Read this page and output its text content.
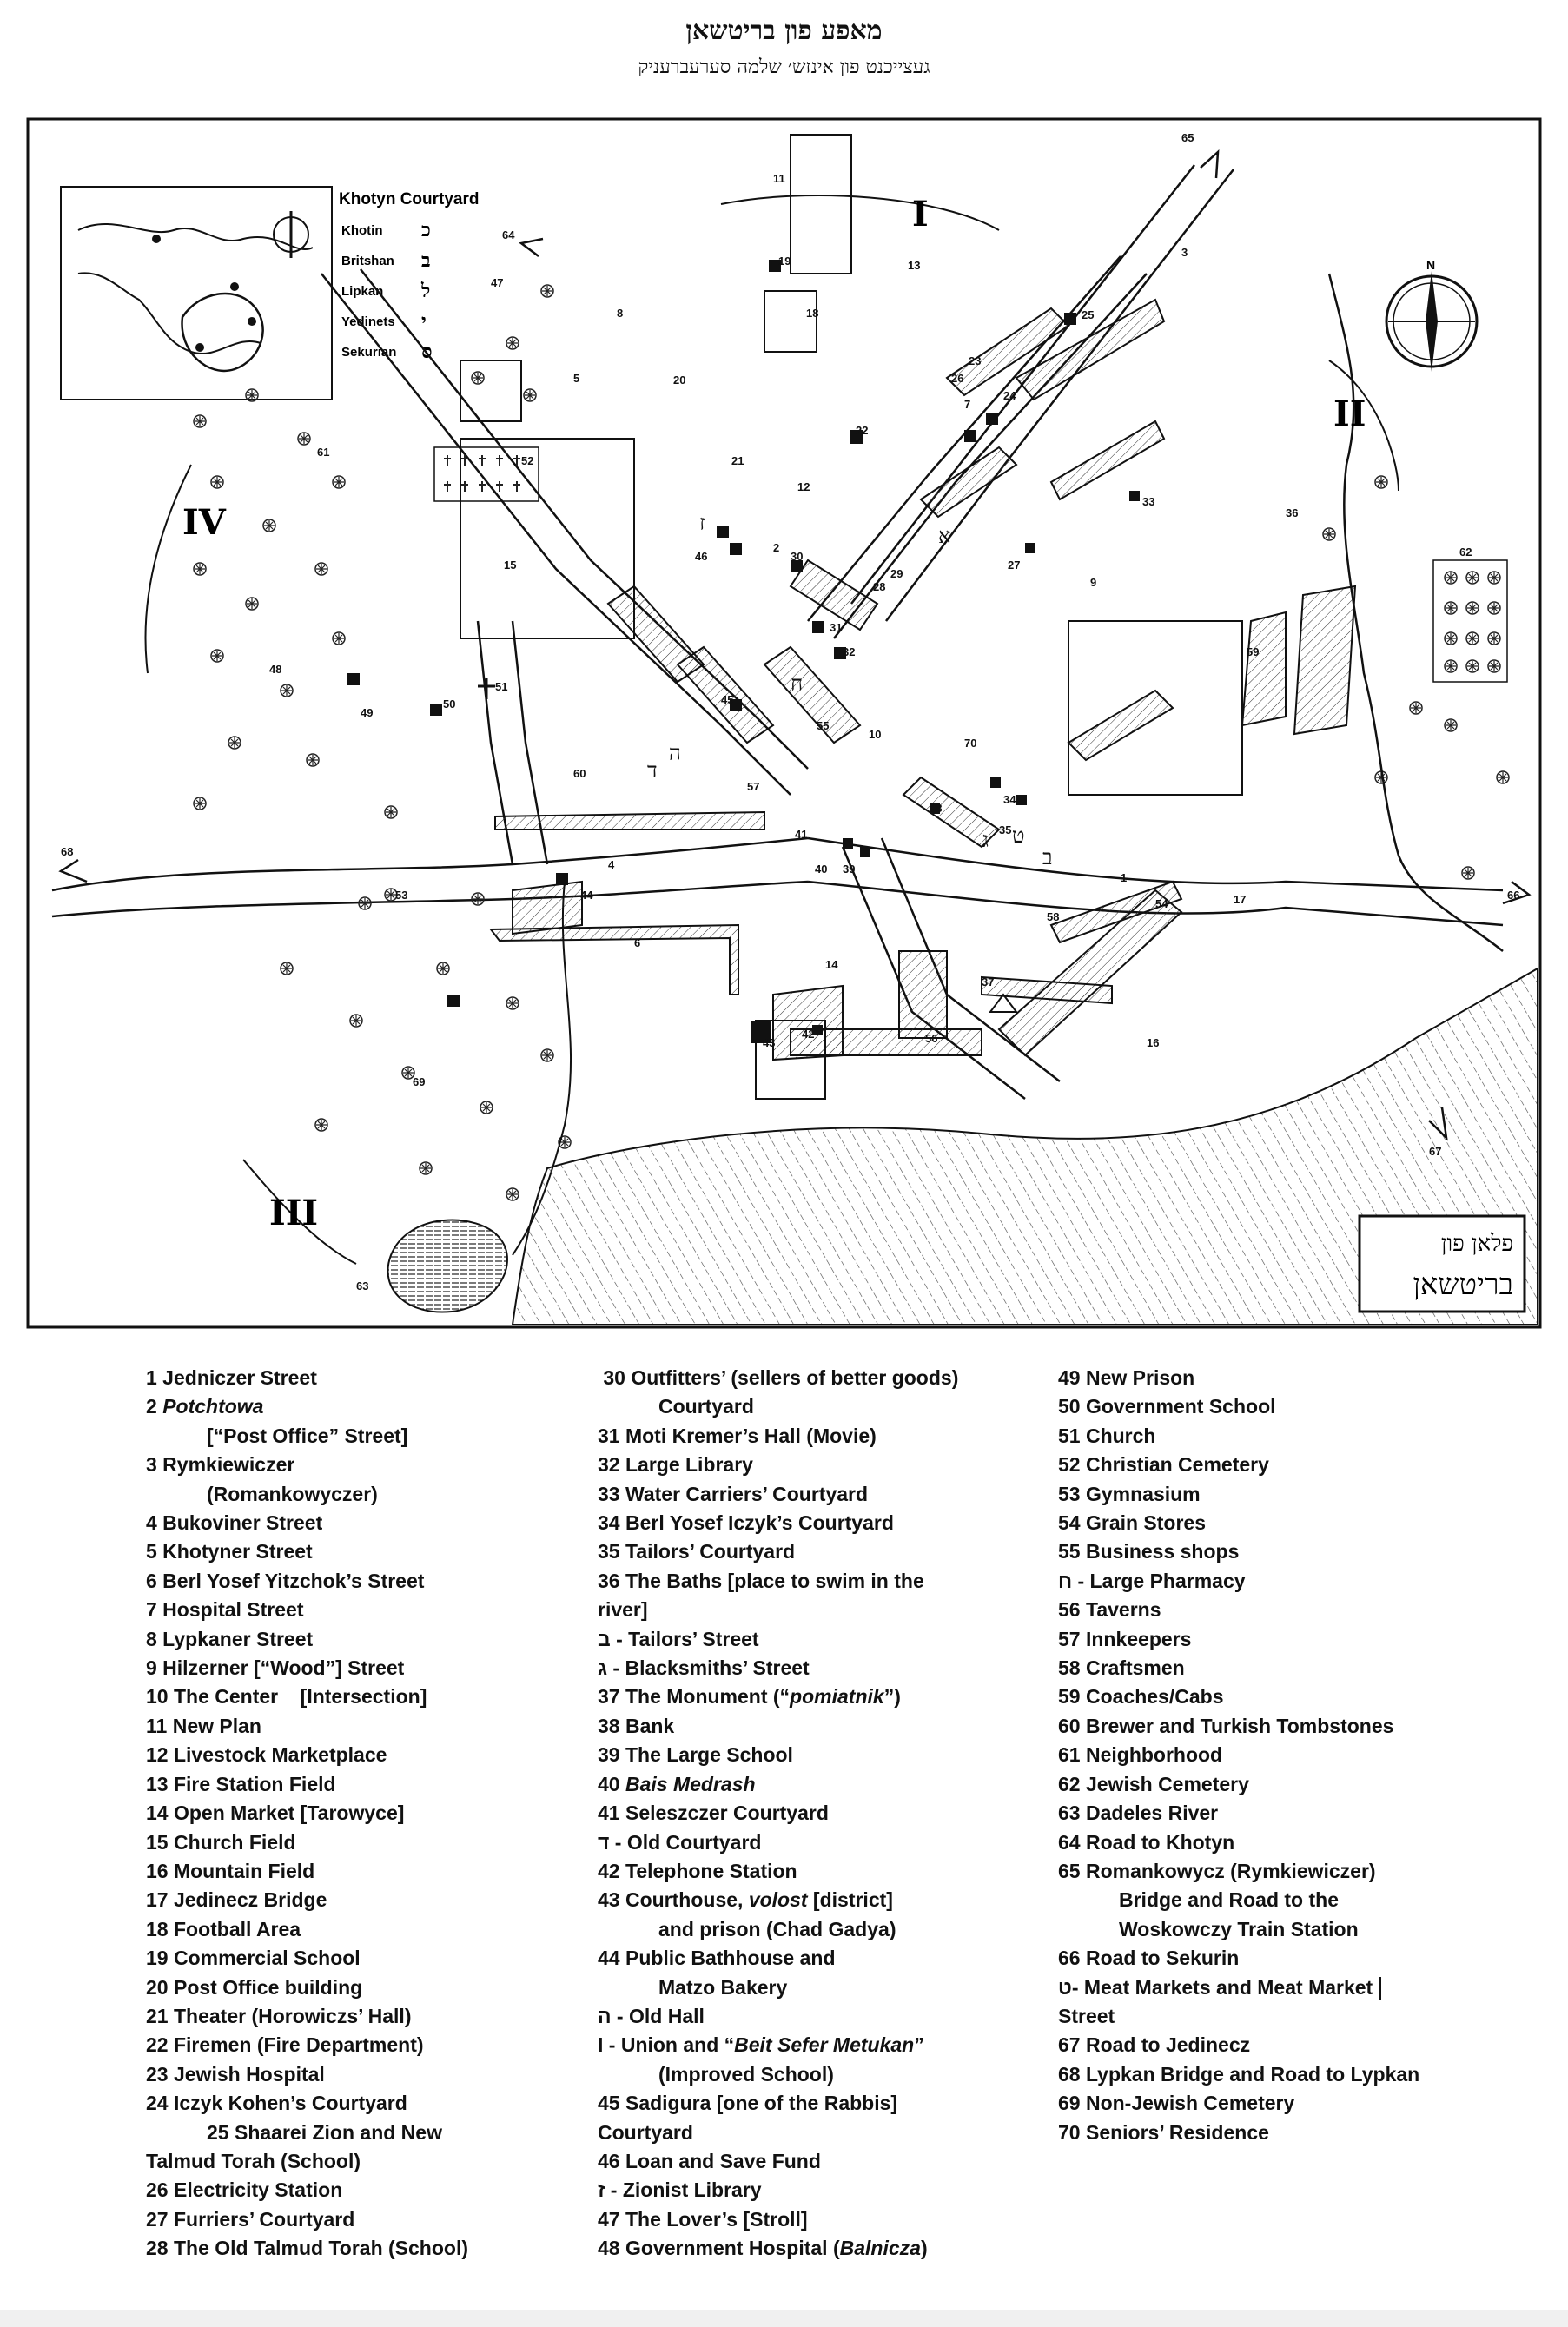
מאפע פון בריטשאן
געצייכנט פון אינזש׳ שלמה סערעברעניק
Khotyn Courtyard
Khotin כ
Britshan ב
Lipkan ל
Yedinets י
Sekurian ס
N
I
II
III
IV
פלאן פון
בריטשאן
1
2
3
4
5
6
7
8
9
10
11
12
13
14
15
16
17
18
19
20
21
22
23
24
25
26
27
28
29
30
31
32
33
34
35
36
37
38
39
40
41
42
43
44
45
46
47
48
49
50
51
52
53
54
55
56
57
58
59
60
61
62
63
64
65
66
67
68
69
70
ח
ה
ד
א
ג
ב
ז
ט
1 Jedniczer Street
2 Potchtowa
[“Post Office” Street]
3 Rymkiewiczer
(Romankowyczer)
4 Bukoviner Street
5 Khotyner Street
6 Berl Yosef Yitzchok’s Street
7 Hospital Street
8 Lypkaner Street
9 Hilzerner [“Wood”] Street
10 The Center    [Intersection]
11 New Plan
12 Livestock Marketplace
13 Fire Station Field
14 Open Market [Tarowyce]
15 Church Field
16 Mountain Field
17 Jedinecz Bridge
18 Football Area
19 Commercial School
20 Post Office building
21 Theater (Horowiczs’ Hall)
22 Firemen (Fire Department)
23 Jewish Hospital
24 Iczyk Kohen’s Courtyard
25 Shaarei Zion and New
Talmud Torah (School)
26 Electricity Station
27 Furriers’ Courtyard
28 The Old Talmud Torah (School)
30 Outfitters’ (sellers of better goods)
Courtyard
31 Moti Kremer’s Hall (Movie)
32 Large Library
33 Water Carriers’ Courtyard
34 Berl Yosef Iczyk’s Courtyard
35 Tailors’ Courtyard
36 The Baths [place to swim in the
river]
ב - Tailors’ Street
ג - Blacksmiths’ Street
37 The Monument (“pomiatnik”)
38 Bank
39 The Large School
40 Bais Medrash
41 Seleszczer Courtyard
ד - Old Courtyard
42 Telephone Station
43 Courthouse, volost [district]
and prison (Chad Gadya)
44 Public Bathhouse and
Matzo Bakery
ה - Old Hall
I - Union and “Beit Sefer Metukan”
(Improved School)
45 Sadigura [one of the Rabbis]
Courtyard
46 Loan and Save Fund
ז - Zionist Library
47 The Lover’s [Stroll]
48 Government Hospital (Balnicza)
49 New Prison
50 Government School
51 Church
52 Christian Cemetery
53 Gymnasium
54 Grain Stores
55 Business shops
ח - Large Pharmacy
56 Taverns
57 Innkeepers
58 Craftsmen
59 Coaches/Cabs
60 Brewer and Turkish Tombstones
61 Neighborhood
62 Jewish Cemetery
63 Dadeles River
64 Road to Khotyn
65 Romankowycz (Rymkiewiczer)
Bridge and Road to the
Woskowczy Train Station
66 Road to Sekurin
ט- Meat Markets and Meat Market
Street
67 Road to Jedinecz
68 Lypkan Bridge and Road to Lypkan
69 Non-Jewish Cemetery
70 Seniors’ Residence
